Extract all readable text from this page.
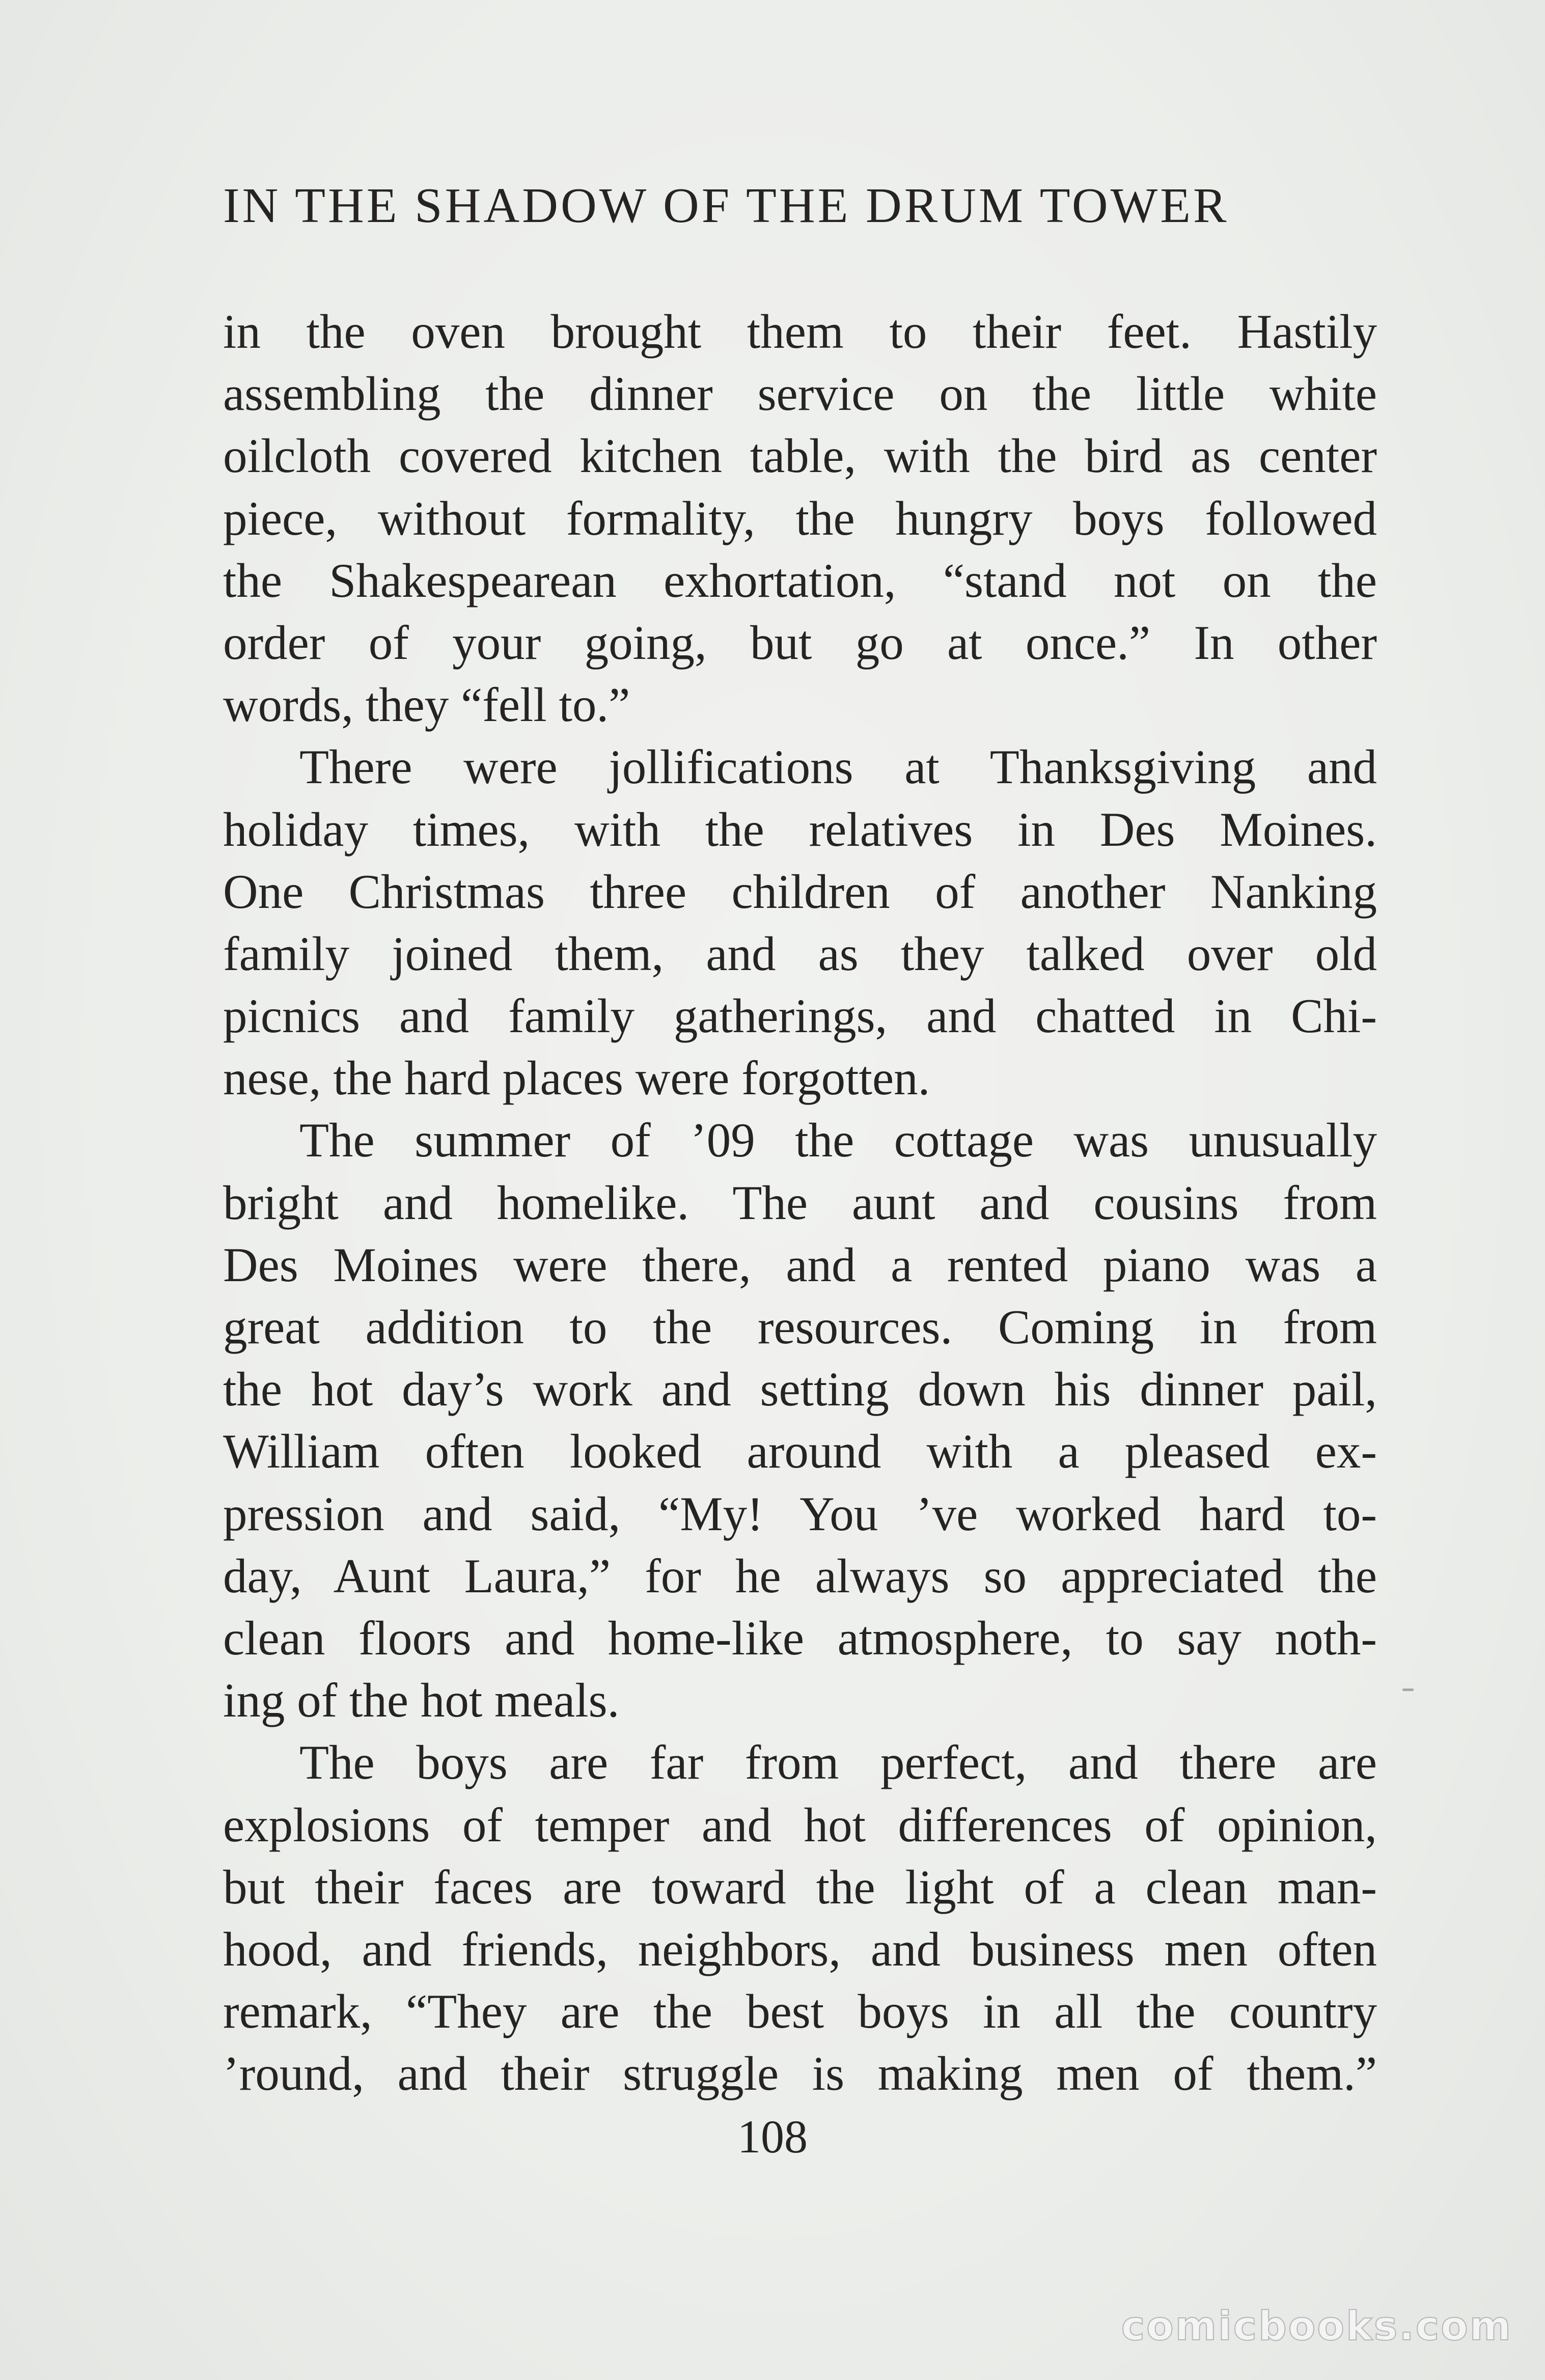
IN THE SHADOW OF THE DRUM TOWER
in the oven brought them to their feet. Hastily
assembling the dinner service on the little white
oilcloth covered kitchen table, with the bird as center
piece, without formality, the hungry boys followed
the Shakespearean exhortation, “stand not on the
order of your going, but go at once.” In other
words, they “fell to.”
There were jollifications at Thanksgiving and
holiday times, with the relatives in Des Moines.
One Christmas three children of another Nanking
family joined them, and as they talked over old
picnics and family gatherings, and chatted in Chi-
nese, the hard places were forgotten.
The summer of ’09 the cottage was unusually
bright and homelike. The aunt and cousins from
Des Moines were there, and a rented piano was a
great addition to the resources. Coming in from
the hot day’s work and setting down his dinner pail,
William often looked around with a pleased ex-
pression and said, “My! You ’ve worked hard to-
day, Aunt Laura,” for he always so appreciated the
clean floors and home-like atmosphere, to say noth-
ing of the hot meals.
The boys are far from perfect, and there are
explosions of temper and hot differences of opinion,
but their faces are toward the light of a clean man-
hood, and friends, neighbors, and business men often
remark, “They are the best boys in all the country
’round, and their struggle is making men of them.”
108
comicbooks.com
